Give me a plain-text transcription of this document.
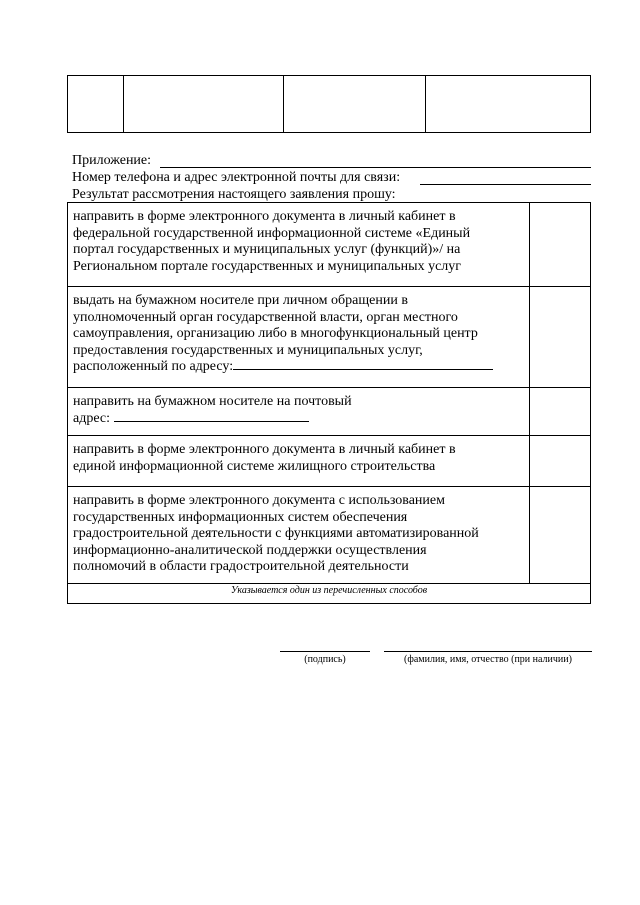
Приложение:
Номер телефона и адрес электронной почты для связи:
Результат рассмотрения настоящего заявления прошу:
направить в форме электронного документа в личный кабинет в
федеральной государственной информационной системе «Единый
портал государственных и муниципальных услуг (функций)»/ на
Региональном портале государственных и муниципальных услуг
выдать на бумажном носителе при личном обращении в
уполномоченный орган государственной власти, орган местного
самоуправления, организацию либо в многофункциональный центр
предоставления государственных и муниципальных услуг,
расположенный по адресу:
направить на бумажном носителе на почтовый
адрес:
направить в форме электронного документа в личный кабинет в
единой информационной системе жилищного строительства
направить в форме электронного документа с использованием
государственных информационных систем обеспечения
градостроительной деятельности с функциями автоматизированной
информационно-аналитической поддержки осуществления
полномочий в области градостроительной деятельности
Указывается один из перечисленных способов
(подпись)	(фамилия, имя, отчество (при наличии)
